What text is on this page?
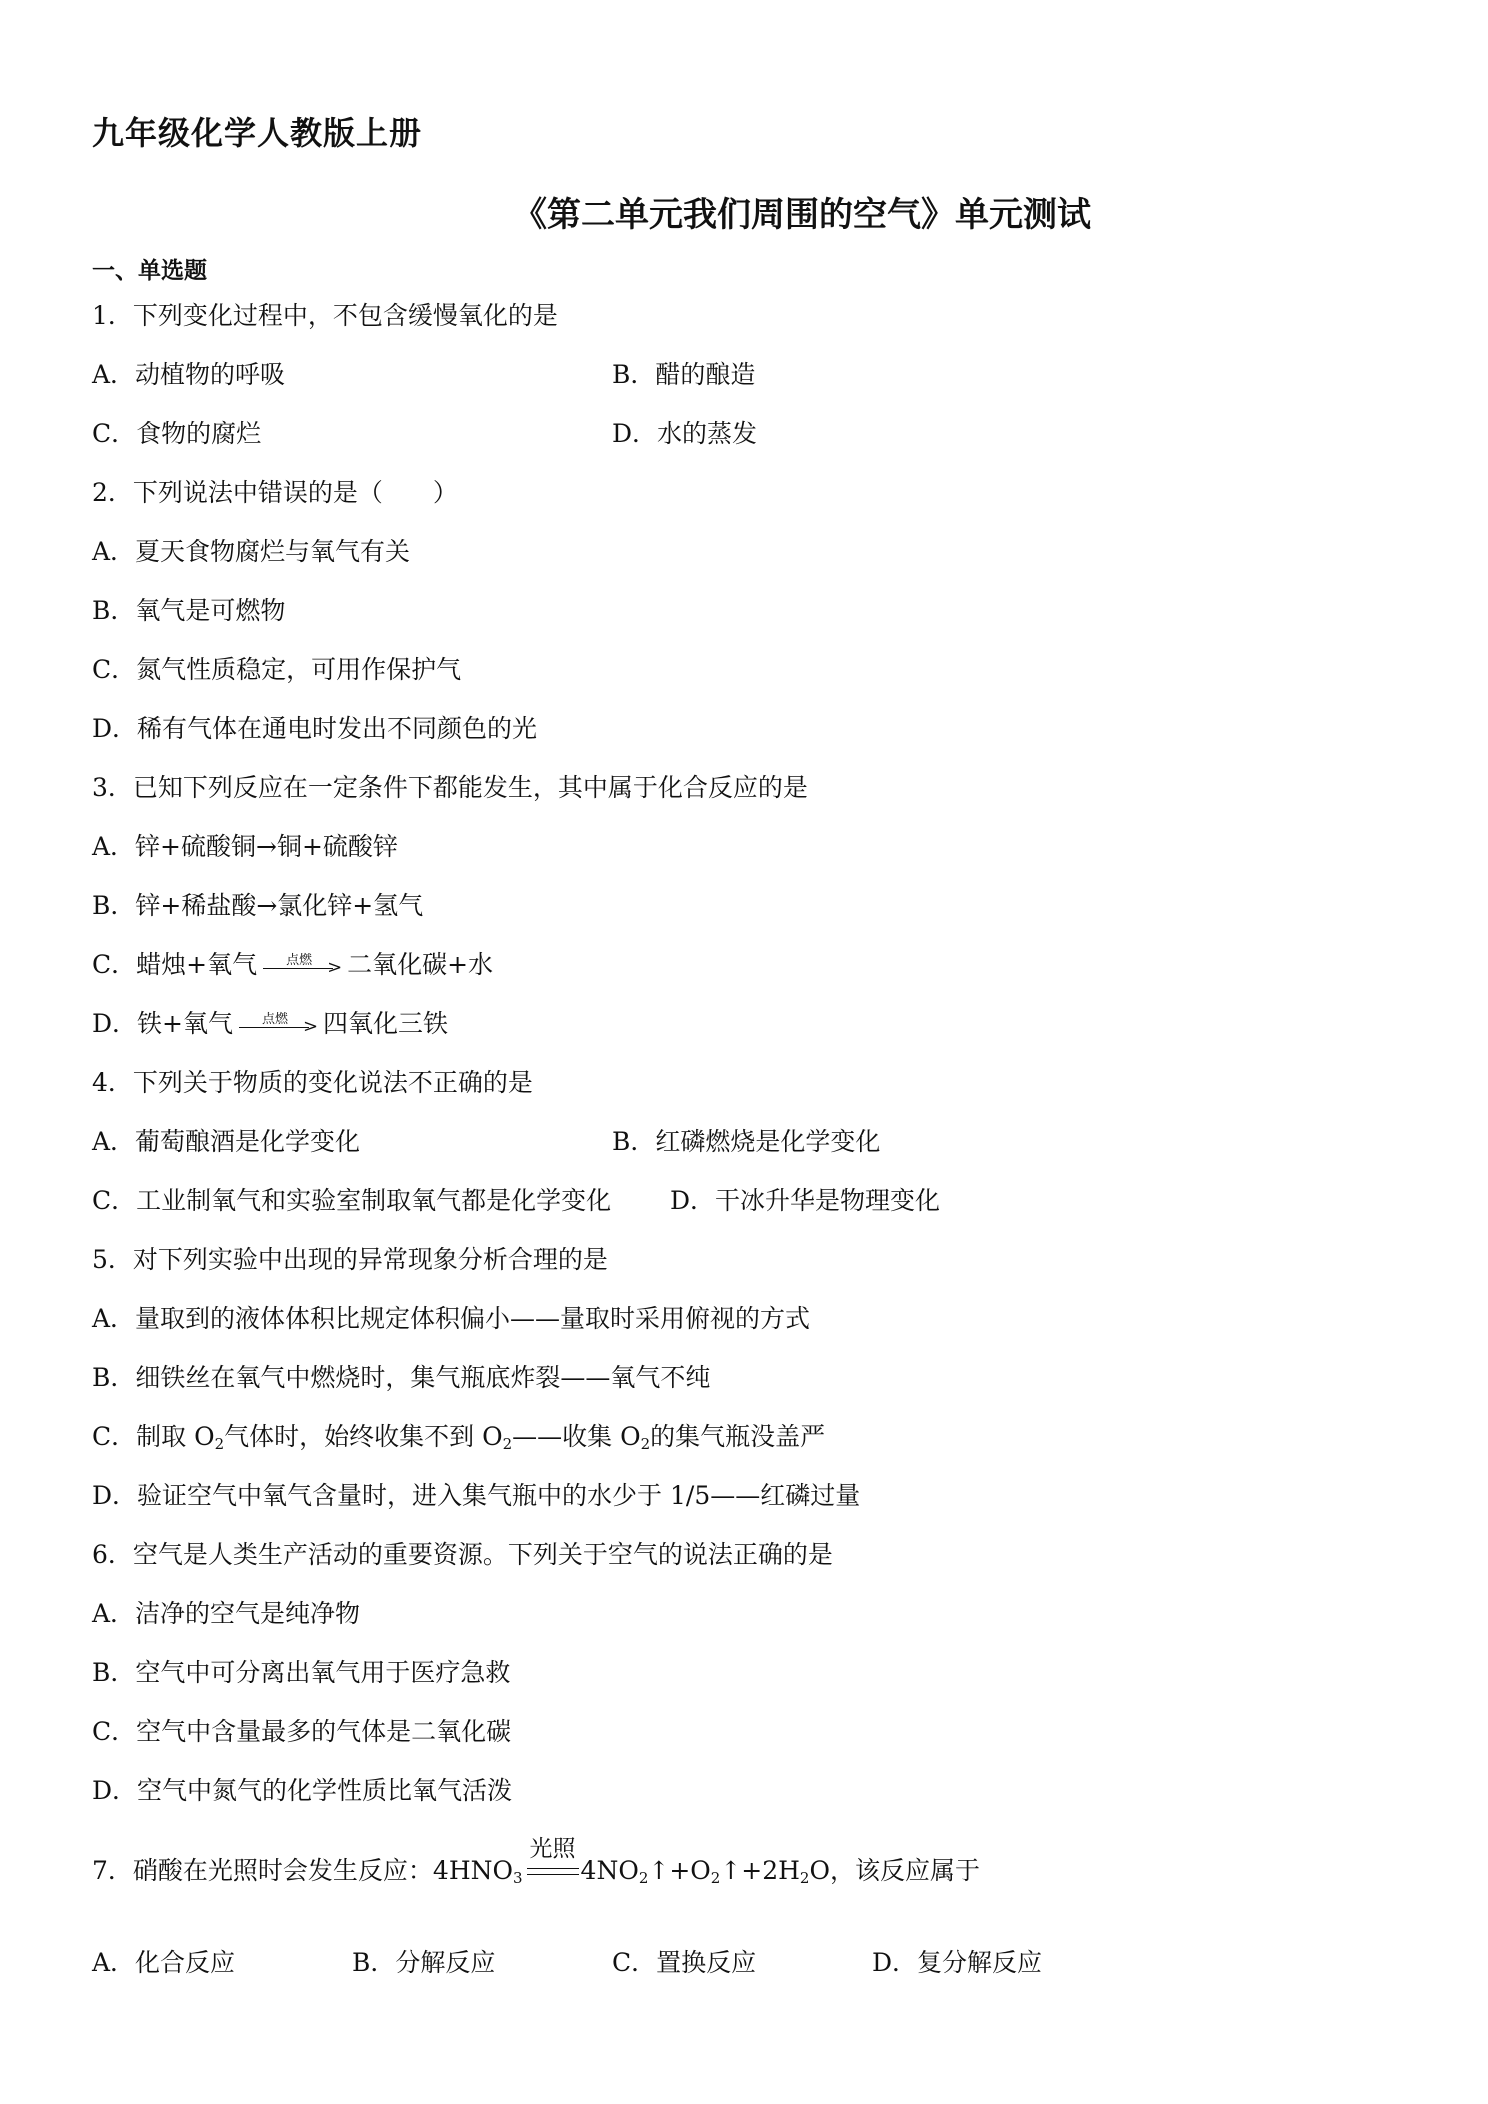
九年级化学人教版上册
《第二单元我们周围的空气》单元测试
一、单选题
1．下列变化过程中，不包含缓慢氧化的是
A．动植物的呼吸	B．醋的酿造
C．食物的腐烂	D．水的蒸发
2．下列说法中错误的是（　　）
A．夏天食物腐烂与氧气有关
B．氧气是可燃物
C．氮气性质稳定，可用作保护气
D．稀有气体在通电时发出不同颜色的光
3．已知下列反应在一定条件下都能发生，其中属于化合反应的是
A．锌+硫酸铜→铜+硫酸锌
B．锌+稀盐酸→氯化锌+氢气
C．蜡烛+氧气	点燃 > 二氧化碳+水
D．铁+氧气	点燃 > 四氧化三铁
4．下列关于物质的变化说法不正确的是
A．葡萄酿酒是化学变化	B．红磷燃烧是化学变化
C．工业制氧气和实验室制取氧气都是化学变化 D．干冰升华是物理变化
5．对下列实验中出现的异常现象分析合理的是
A．量取到的液体体积比规定体积偏小——量取时采用俯视的方式
B．细铁丝在氧气中燃烧时，集气瓶底炸裂——氧气不纯
C．制取 $O_2$气体时，始终收集不到 $O_2——$收集 $O_2$的集气瓶没盖严
D．验证空气中氧气含量时，进入集气瓶中的水少于 1/5——红磷过量
6．空气是人类生产活动的重要资源。下列关于空气的说法正确的是
A．洁净的空气是纯净物
B．空气中可分离出氧气用于医疗急救
C．空气中含量最多的气体是二氧化碳
D．空气中氮气的化学性质比氧气活泼
7．硝酸在光照时会发生反应：$4HNO_3$
光照
$4NO_2↑+O_2↑+2H_2O$，该反应属于
A．化合反应	B．分解反应	C．置换反应	D．复分解反应
